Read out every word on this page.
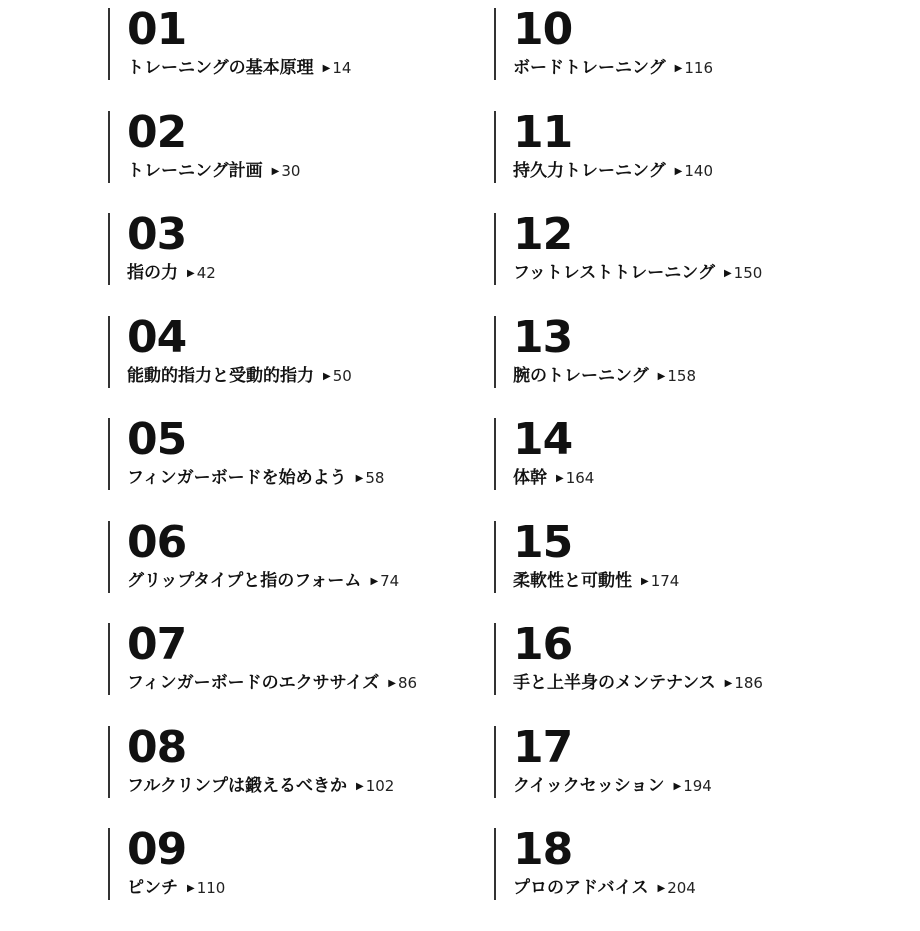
01
トレーニングの基本原理 ▶ 14
02
トレーニング計画 ▶ 30
03
指の力 ▶ 42
04
能動的指力と受動的指力 ▶ 50
05
フィンガーボードを始めよう ▶ 58
06
グリップタイプと指のフォーム ▶ 74
07
フィンガーボードのエクササイズ ▶ 86
08
フルクリンプは鍛えるべきか ▶ 102
09
ピンチ ▶ 110
10
ボードトレーニング ▶ 116
11
持久力トレーニング ▶ 140
12
フットレストトレーニング ▶ 150
13
腕のトレーニング ▶ 158
14
体幹 ▶ 164
15
柔軟性と可動性 ▶ 174
16
手と上半身のメンテナンス ▶ 186
17
クイックセッション ▶ 194
18
プロのアドバイス ▶ 204
